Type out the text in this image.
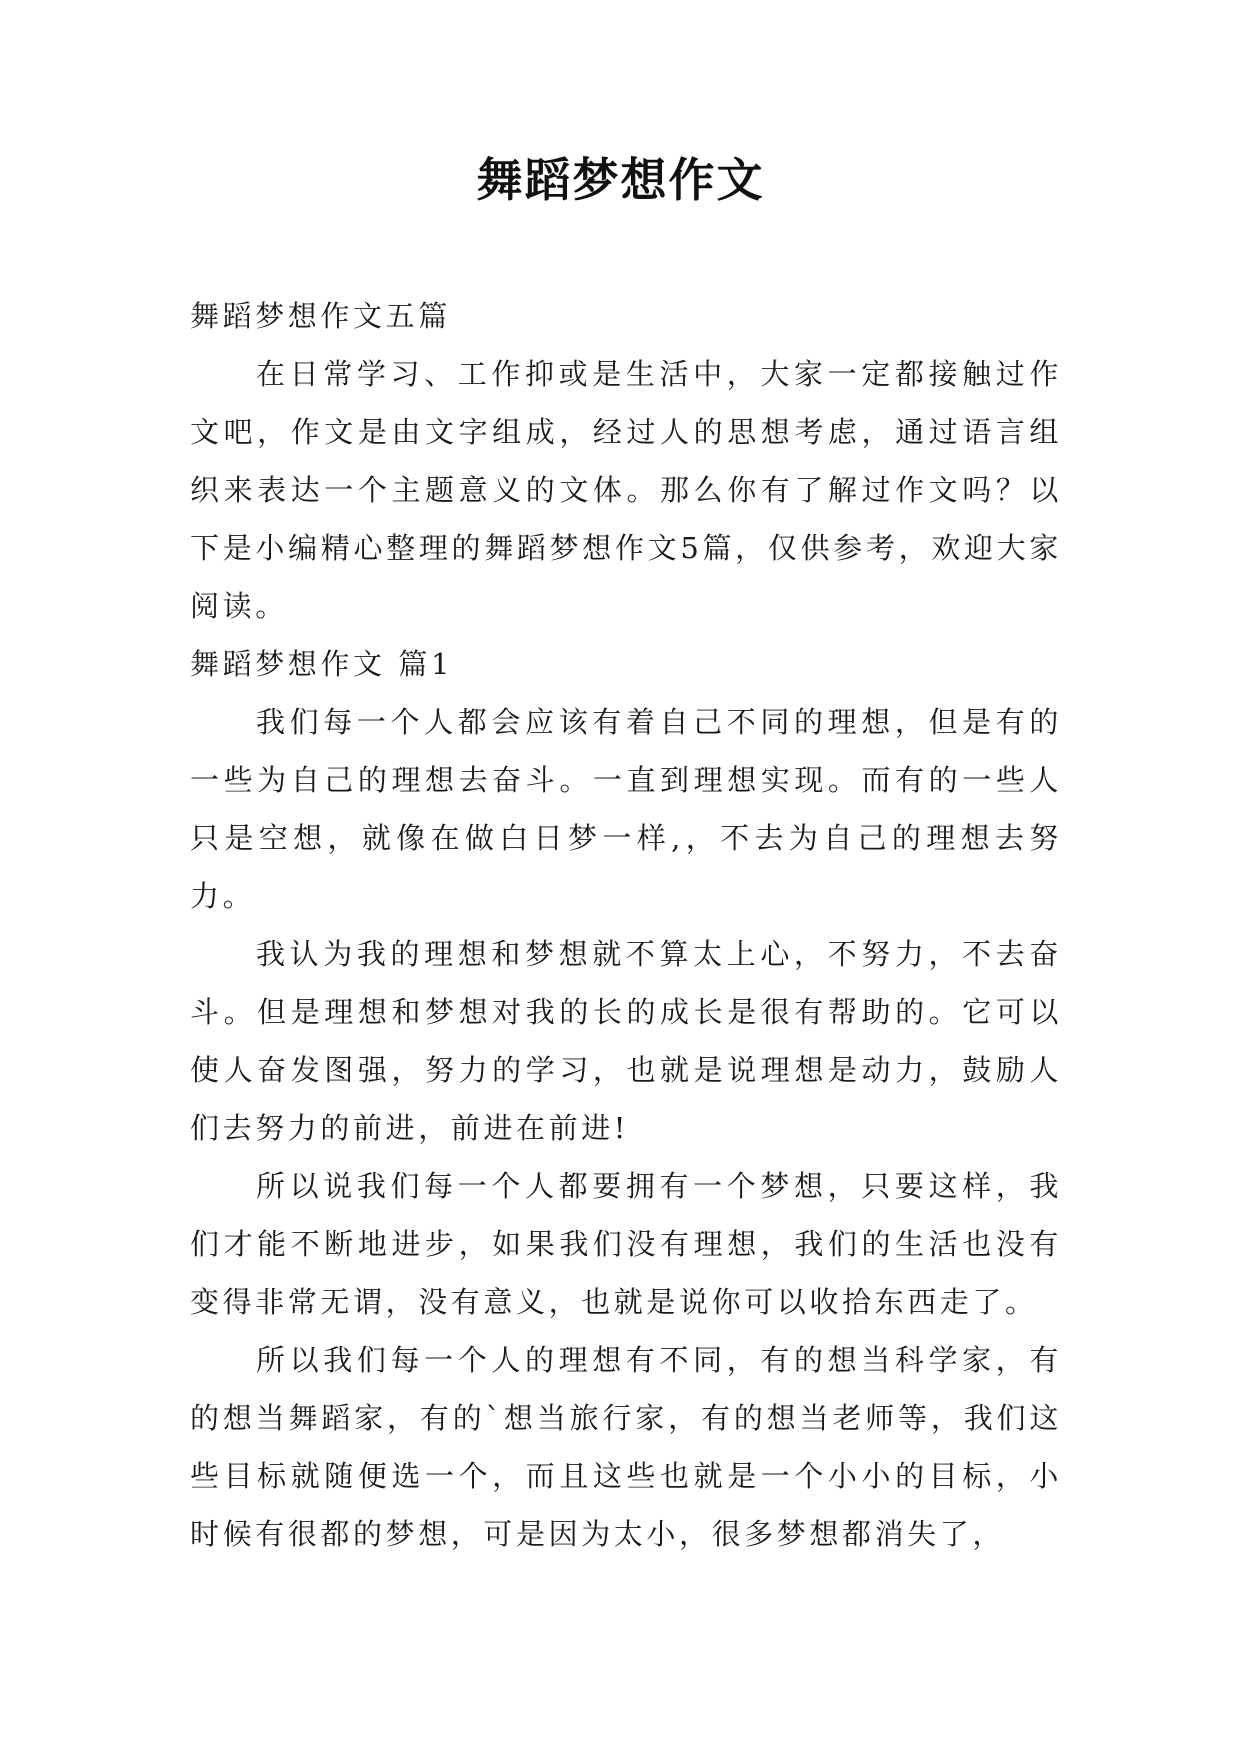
舞蹈梦想作文

舞蹈梦想作文五篇

在日常学习、工作抑或是生活中，大家一定都接触过作文吧，作文是由文字组成，经过人的思想考虑，通过语言组织来表达一个主题意义的文体。那么你有了解过作文吗？以下是小编精心整理的舞蹈梦想作文5篇，仅供参考，欢迎大家阅读。

舞蹈梦想作文 篇1

我们每一个人都会应该有着自己不同的理想，但是有的一些为自己的理想去奋斗。一直到理想实现。而有的一些人只是空想，就像在做白日梦一样,，不去为自己的理想去努力。

我认为我的理想和梦想就不算太上心，不努力，不去奋斗。但是理想和梦想对我的长的成长是很有帮助的。它可以使人奋发图强，努力的学习，也就是说理想是动力，鼓励人们去努力的前进，前进在前进!

所以说我们每一个人都要拥有一个梦想，只要这样，我们才能不断地进步，如果我们没有理想，我们的生活也没有变得非常无谓，没有意义，也就是说你可以收拾东西走了。

所以我们每一个人的理想有不同，有的想当科学家，有的想当舞蹈家，有的`想当旅行家，有的想当老师等，我们这些目标就随便选一个，而且这些也就是一个小小的目标，小时候有很都的梦想，可是因为太小，很多梦想都消失了，
